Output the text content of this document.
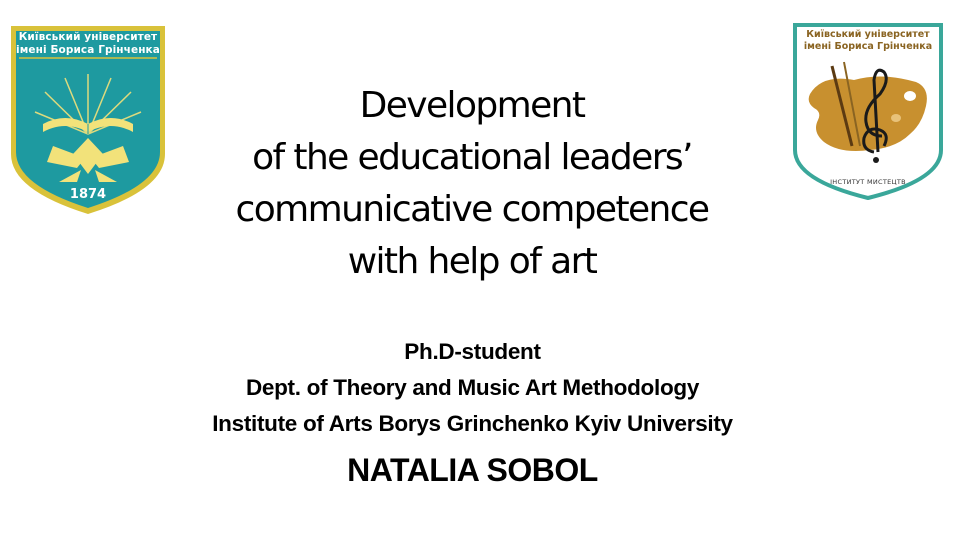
Київський університет
імені Бориса Грінченка
1874
Київський університет
імені Бориса Грінченка
ІНСТИТУТ МИСТЕЦТВ
Development
of the educational leaders’
communicative competence
with help of art
Ph.D-student
Dept. of Theory and Music Art Methodology
Institute of Arts Borys Grinchenko Kyiv University
NATALIA SOBOL
